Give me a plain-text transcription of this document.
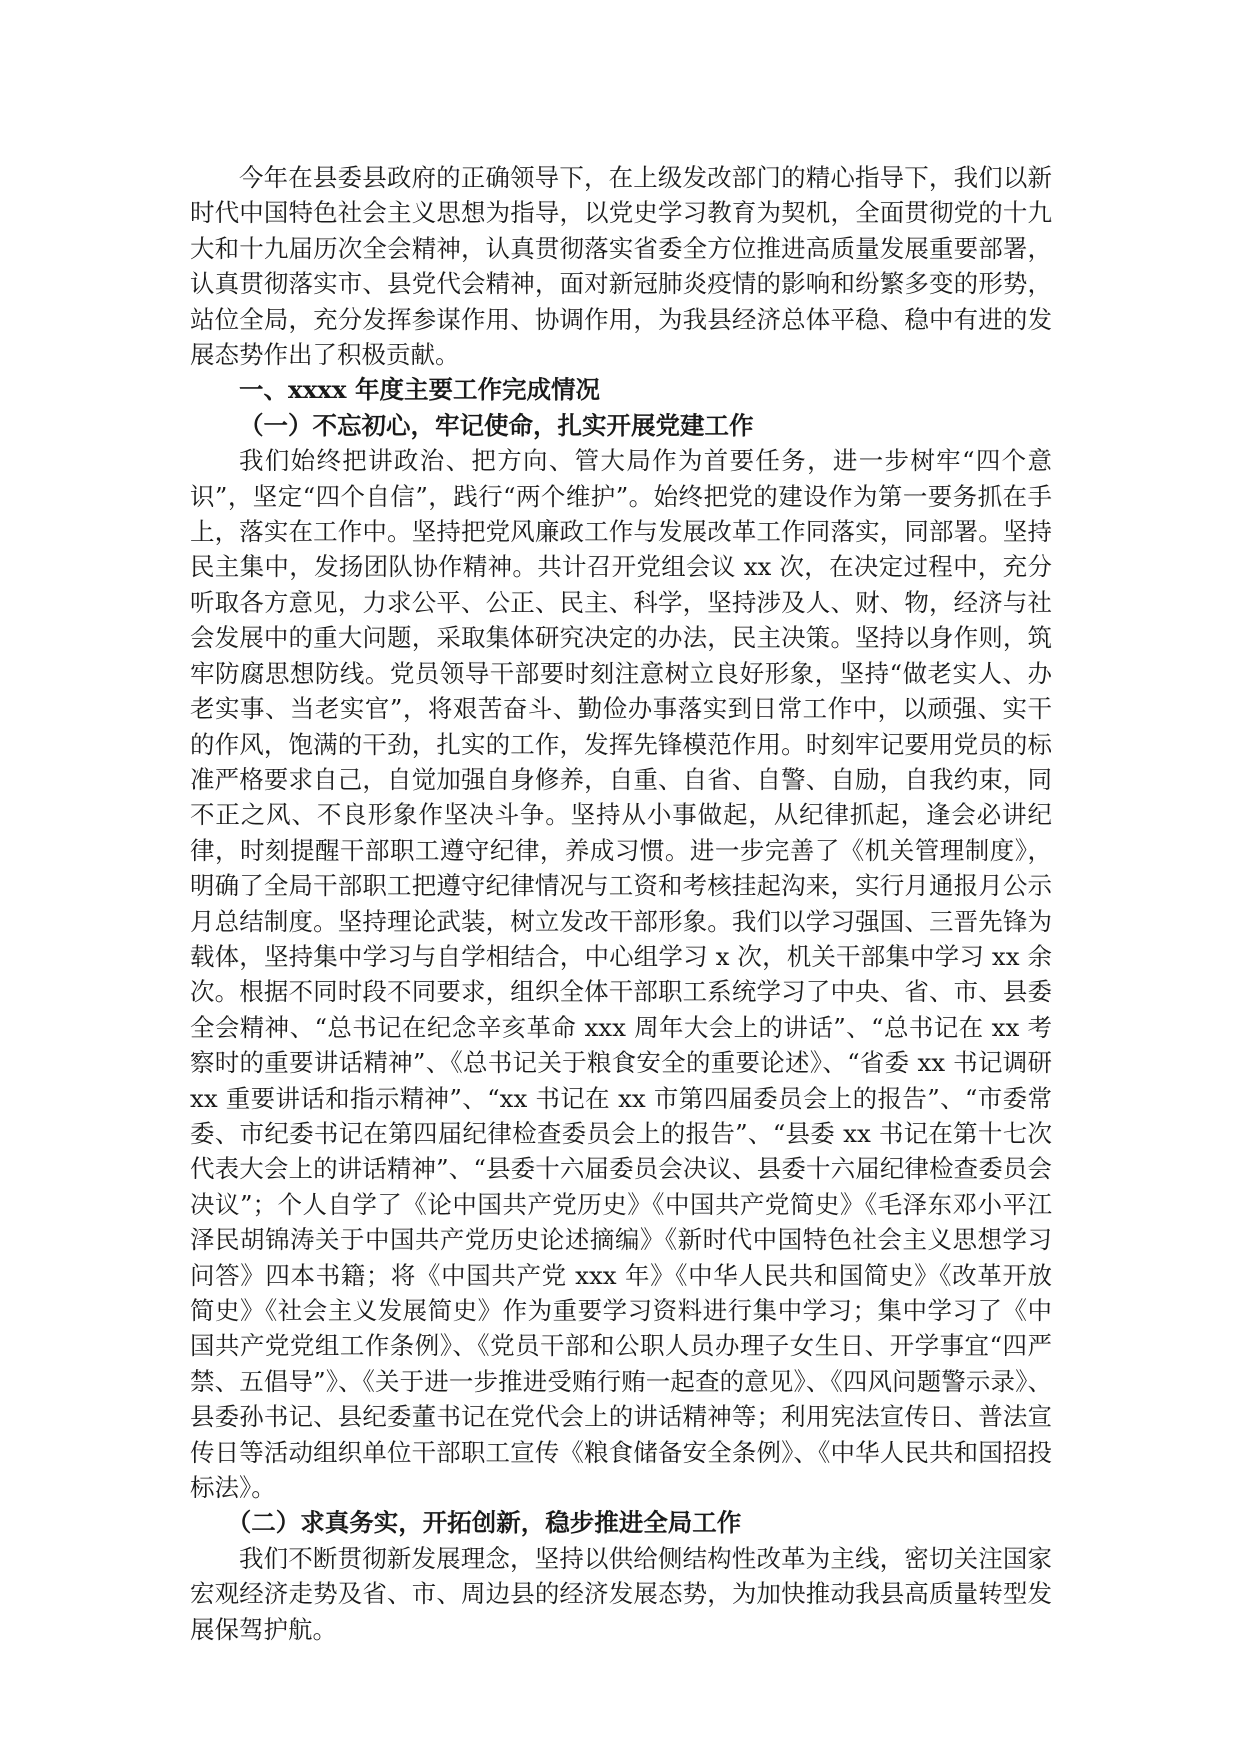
今年在县委县政府的正确领导下，在上级发改部门的精心指导下，我们以新时代中国特色社会主义思想为指导，以党史学习教育为契机，全面贯彻党的十九大和十九届历次全会精神，认真贯彻落实省委全方位推进高质量发展重要部署，认真贯彻落实市、县党代会精神，面对新冠肺炎疫情的影响和纷繁多变的形势，站位全局，充分发挥参谋作用、协调作用，为我县经济总体平稳、稳中有进的发展态势作出了积极贡献。

一、xxxx 年度主要工作完成情况
（一）不忘初心，牢记使命，扎实开展党建工作

我们始终把讲政治、把方向、管大局作为首要任务，进一步树牢“四个意识”，坚定“四个自信”，践行“两个维护”。始终把党的建设作为第一要务抓在手上，落实在工作中。坚持把党风廉政工作与发展改革工作同落实，同部署。坚持民主集中，发扬团队协作精神。共计召开党组会议 xx 次，在决定过程中，充分听取各方意见，力求公平、公正、民主、科学，坚持涉及人、财、物，经济与社会发展中的重大问题，采取集体研究决定的办法，民主决策。坚持以身作则，筑牢防腐思想防线。党员领导干部要时刻注意树立良好形象，坚持“做老实人、办老实事、当老实官”，将艰苦奋斗、勤俭办事落实到日常工作中，以顽强、实干的作风，饱满的干劲，扎实的工作，发挥先锋模范作用。时刻牢记要用党员的标准严格要求自己，自觉加强自身修养，自重、自省、自警、自励，自我约束，同不正之风、不良形象作坚决斗争。坚持从小事做起，从纪律抓起，逢会必讲纪律，时刻提醒干部职工遵守纪律，养成习惯。进一步完善了《机关管理制度》，明确了全局干部职工把遵守纪律情况与工资和考核挂起沟来，实行月通报月公示月总结制度。坚持理论武装，树立发改干部形象。我们以学习强国、三晋先锋为载体，坚持集中学习与自学相结合，中心组学习 x 次，机关干部集中学习 xx 余次。根据不同时段不同要求，组织全体干部职工系统学习了中央、省、市、县委全会精神、“总书记在纪念辛亥革命 xxx 周年大会上的讲话”、“总书记在 xx 考察时的重要讲话精神”、《总书记关于粮食安全的重要论述》、“省委 xx 书记调研 xx 重要讲话和指示精神”、“xx 书记在 xx 市第四届委员会上的报告”、“市委常委、市纪委书记在第四届纪律检查委员会上的报告”、“县委 xx 书记在第十七次代表大会上的讲话精神”、“县委十六届委员会决议、县委十六届纪律检查委员会决议”；个人自学了《论中国共产党历史》《中国共产党简史》《毛泽东邓小平江泽民胡锦涛关于中国共产党历史论述摘编》《新时代中国特色社会主义思想学习问答》四本书籍；将《中国共产党 xxx 年》《中华人民共和国简史》《改革开放简史》《社会主义发展简史》作为重要学习资料进行集中学习；集中学习了《中国共产党党组工作条例》、《党员干部和公职人员办理子女生日、开学事宜“四严禁、五倡导”》、《关于进一步推进受贿行贿一起查的意见》、《四风问题警示录》、县委孙书记、县纪委董书记在党代会上的讲话精神等；利用宪法宣传日、普法宣传日等活动组织单位干部职工宣传《粮食储备安全条例》、《中华人民共和国招投标法》。

（二）求真务实，开拓创新，稳步推进全局工作

我们不断贯彻新发展理念，坚持以供给侧结构性改革为主线，密切关注国家宏观经济走势及省、市、周边县的经济发展态势，为加快推动我县高质量转型发展保驾护航。
